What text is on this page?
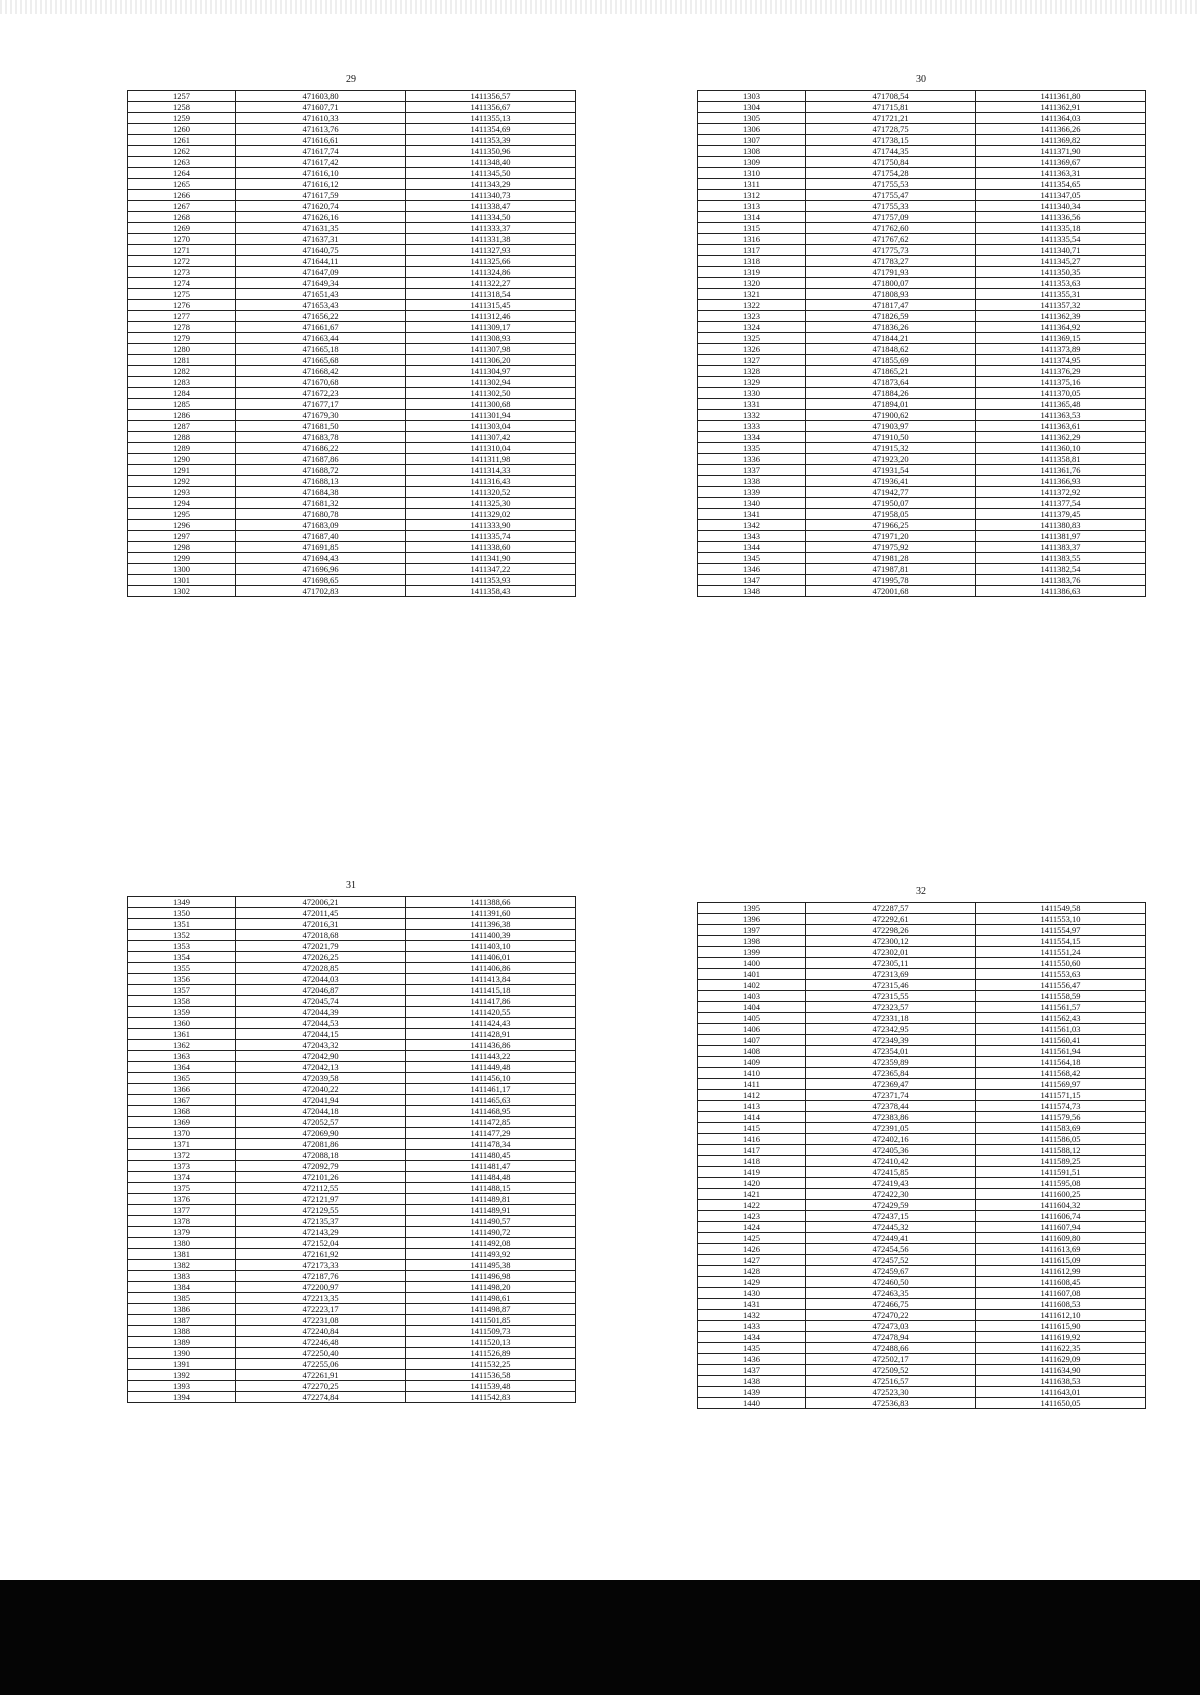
29
1257	471603,80	1411356,57
1258	471607,71	1411356,67
1259	471610,33	1411355,13
1260	471613,76	1411354,69
1261	471616,61	1411353,39
1262	471617,74	1411350,96
1263	471617,42	1411348,40
1264	471616,10	1411345,50
1265	471616,12	1411343,29
1266	471617,59	1411340,73
1267	471620,74	1411338,47
1268	471626,16	1411334,50
1269	471631,35	1411333,37
1270	471637,31	1411331,38
1271	471640,75	1411327,93
1272	471644,11	1411325,66
1273	471647,09	1411324,86
1274	471649,34	1411322,27
1275	471651,43	1411318,54
1276	471653,43	1411315,45
1277	471656,22	1411312,46
1278	471661,67	1411309,17
1279	471663,44	1411308,93
1280	471665,18	1411307,98
1281	471665,68	1411306,20
1282	471668,42	1411304,97
1283	471670,68	1411302,94
1284	471672,23	1411302,50
1285	471677,17	1411300,68
1286	471679,30	1411301,94
1287	471681,50	1411303,04
1288	471683,78	1411307,42
1289	471686,22	1411310,04
1290	471687,86	1411311,98
1291	471688,72	1411314,33
1292	471688,13	1411316,43
1293	471684,38	1411320,52
1294	471681,32	1411325,30
1295	471680,78	1411329,02
1296	471683,09	1411333,90
1297	471687,40	1411335,74
1298	471691,85	1411338,60
1299	471694,43	1411341,90
1300	471696,96	1411347,22
1301	471698,65	1411353,93
1302	471702,83	1411358,43
30
1303	471708,54	1411361,80
1304	471715,81	1411362,91
1305	471721,21	1411364,03
1306	471728,75	1411366,26
1307	471738,15	1411369,82
1308	471744,35	1411371,90
1309	471750,84	1411369,67
1310	471754,28	1411363,31
1311	471755,53	1411354,65
1312	471755,47	1411347,05
1313	471755,33	1411340,34
1314	471757,09	1411336,56
1315	471762,60	1411335,18
1316	471767,62	1411335,54
1317	471775,73	1411340,71
1318	471783,27	1411345,27
1319	471791,93	1411350,35
1320	471800,07	1411353,63
1321	471808,93	1411355,31
1322	471817,47	1411357,32
1323	471826,59	1411362,39
1324	471836,26	1411364,92
1325	471844,21	1411369,15
1326	471848,62	1411373,89
1327	471855,69	1411374,95
1328	471865,21	1411376,29
1329	471873,64	1411375,16
1330	471884,26	1411370,05
1331	471894,01	1411365,48
1332	471900,62	1411363,53
1333	471903,97	1411363,61
1334	471910,50	1411362,29
1335	471915,32	1411360,10
1336	471923,20	1411358,81
1337	471931,54	1411361,76
1338	471936,41	1411366,93
1339	471942,77	1411372,92
1340	471950,07	1411377,54
1341	471958,05	1411379,45
1342	471966,25	1411380,83
1343	471971,20	1411381,97
1344	471975,92	1411383,37
1345	471981,28	1411383,55
1346	471987,81	1411382,54
1347	471995,78	1411383,76
1348	472001,68	1411386,63
31
1349	472006,21	1411388,66
1350	472011,45	1411391,60
1351	472016,31	1411396,38
1352	472018,68	1411400,39
1353	472021,79	1411403,10
1354	472026,25	1411406,01
1355	472028,85	1411406,86
1356	472044,03	1411413,84
1357	472046,87	1411415,18
1358	472045,74	1411417,86
1359	472044,39	1411420,55
1360	472044,53	1411424,43
1361	472044,15	1411428,91
1362	472043,32	1411436,86
1363	472042,90	1411443,22
1364	472042,13	1411449,48
1365	472039,58	1411456,10
1366	472040,22	1411461,17
1367	472041,94	1411465,63
1368	472044,18	1411468,95
1369	472052,57	1411472,85
1370	472069,90	1411477,29
1371	472081,86	1411478,34
1372	472088,18	1411480,45
1373	472092,79	1411481,47
1374	472101,26	1411484,48
1375	472112,55	1411488,15
1376	472121,97	1411489,81
1377	472129,55	1411489,91
1378	472135,37	1411490,57
1379	472143,29	1411490,72
1380	472152,04	1411492,08
1381	472161,92	1411493,92
1382	472173,33	1411495,38
1383	472187,76	1411496,98
1384	472200,97	1411498,20
1385	472213,35	1411498,61
1386	472223,17	1411498,87
1387	472231,08	1411501,85
1388	472240,84	1411509,73
1389	472246,48	1411520,13
1390	472250,40	1411526,89
1391	472255,06	1411532,25
1392	472261,91	1411536,58
1393	472270,25	1411539,48
1394	472274,84	1411542,83
32
1395	472287,57	1411549,58
1396	472292,61	1411553,10
1397	472298,26	1411554,97
1398	472300,12	1411554,15
1399	472302,01	1411551,24
1400	472305,11	1411550,60
1401	472313,69	1411553,63
1402	472315,46	1411556,47
1403	472315,55	1411558,59
1404	472323,57	1411561,57
1405	472331,18	1411562,43
1406	472342,95	1411561,03
1407	472349,39	1411560,41
1408	472354,01	1411561,94
1409	472359,89	1411564,18
1410	472365,84	1411568,42
1411	472369,47	1411569,97
1412	472371,74	1411571,15
1413	472378,44	1411574,73
1414	472383,86	1411579,56
1415	472391,05	1411583,69
1416	472402,16	1411586,05
1417	472405,36	1411588,12
1418	472410,42	1411589,25
1419	472415,85	1411591,51
1420	472419,43	1411595,08
1421	472422,30	1411600,25
1422	472429,59	1411604,32
1423	472437,15	1411606,74
1424	472445,32	1411607,94
1425	472449,41	1411609,80
1426	472454,56	1411613,69
1427	472457,52	1411615,09
1428	472459,67	1411612,99
1429	472460,50	1411608,45
1430	472463,35	1411607,08
1431	472466,75	1411608,53
1432	472470,22	1411612,10
1433	472473,03	1411615,90
1434	472478,94	1411619,92
1435	472488,66	1411622,35
1436	472502,17	1411629,09
1437	472509,52	1411634,90
1438	472516,57	1411638,53
1439	472523,30	1411643,01
1440	472536,83	1411650,05
